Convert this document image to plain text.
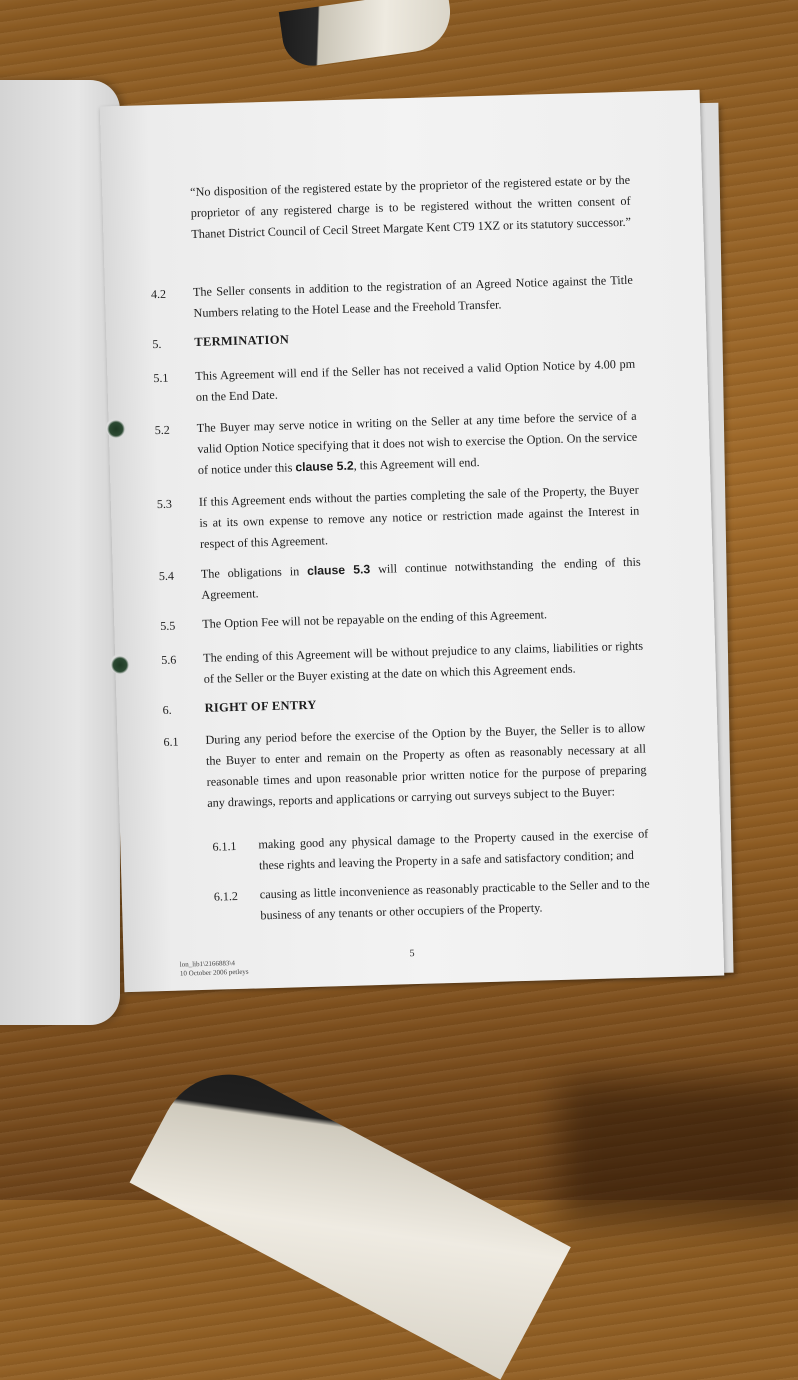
“No disposition of the registered estate by the proprietor of the registered estate or by the proprietor of any registered charge is to be registered without the written consent of Thanet District Council of Cecil Street Margate Kent CT9 1XZ or its statutory successor.”
4.2 The Seller consents in addition to the registration of an Agreed Notice against the Title Numbers relating to the Hotel Lease and the Freehold Transfer.
5.	TERMINATION
5.1 This Agreement will end if the Seller has not received a valid Option Notice by 4.00 pm on the End Date.
5.2 The Buyer may serve notice in writing on the Seller at any time before the service of a valid Option Notice specifying that it does not wish to exercise the Option. On the service of notice under this clause 5.2, this Agreement will end.
5.3 If this Agreement ends without the parties completing the sale of the Property, the Buyer is at its own expense to remove any notice or restriction made against the Interest in respect of this Agreement.
5.4 The obligations in clause 5.3 will continue notwithstanding the ending of this Agreement.
5.5 The Option Fee will not be repayable on the ending of this Agreement.
5.6 The ending of this Agreement will be without prejudice to any claims, liabilities or rights of the Seller or the Buyer existing at the date on which this Agreement ends.
6.	RIGHT OF ENTRY
6.1 During any period before the exercise of the Option by the Buyer, the Seller is to allow the Buyer to enter and remain on the Property as often as reasonably necessary at all reasonable times and upon reasonable prior written notice for the purpose of preparing any drawings, reports and applications or carrying out surveys subject to the Buyer:
6.1.1 making good any physical damage to the Property caused in the exercise of these rights and leaving the Property in a safe and satisfactory condition; and
6.1.2 causing as little inconvenience as reasonably practicable to the Seller and to the business of any tenants or other occupiers of the Property.
lon_lib1\2166883\4
10 October 2006 petleys
5
